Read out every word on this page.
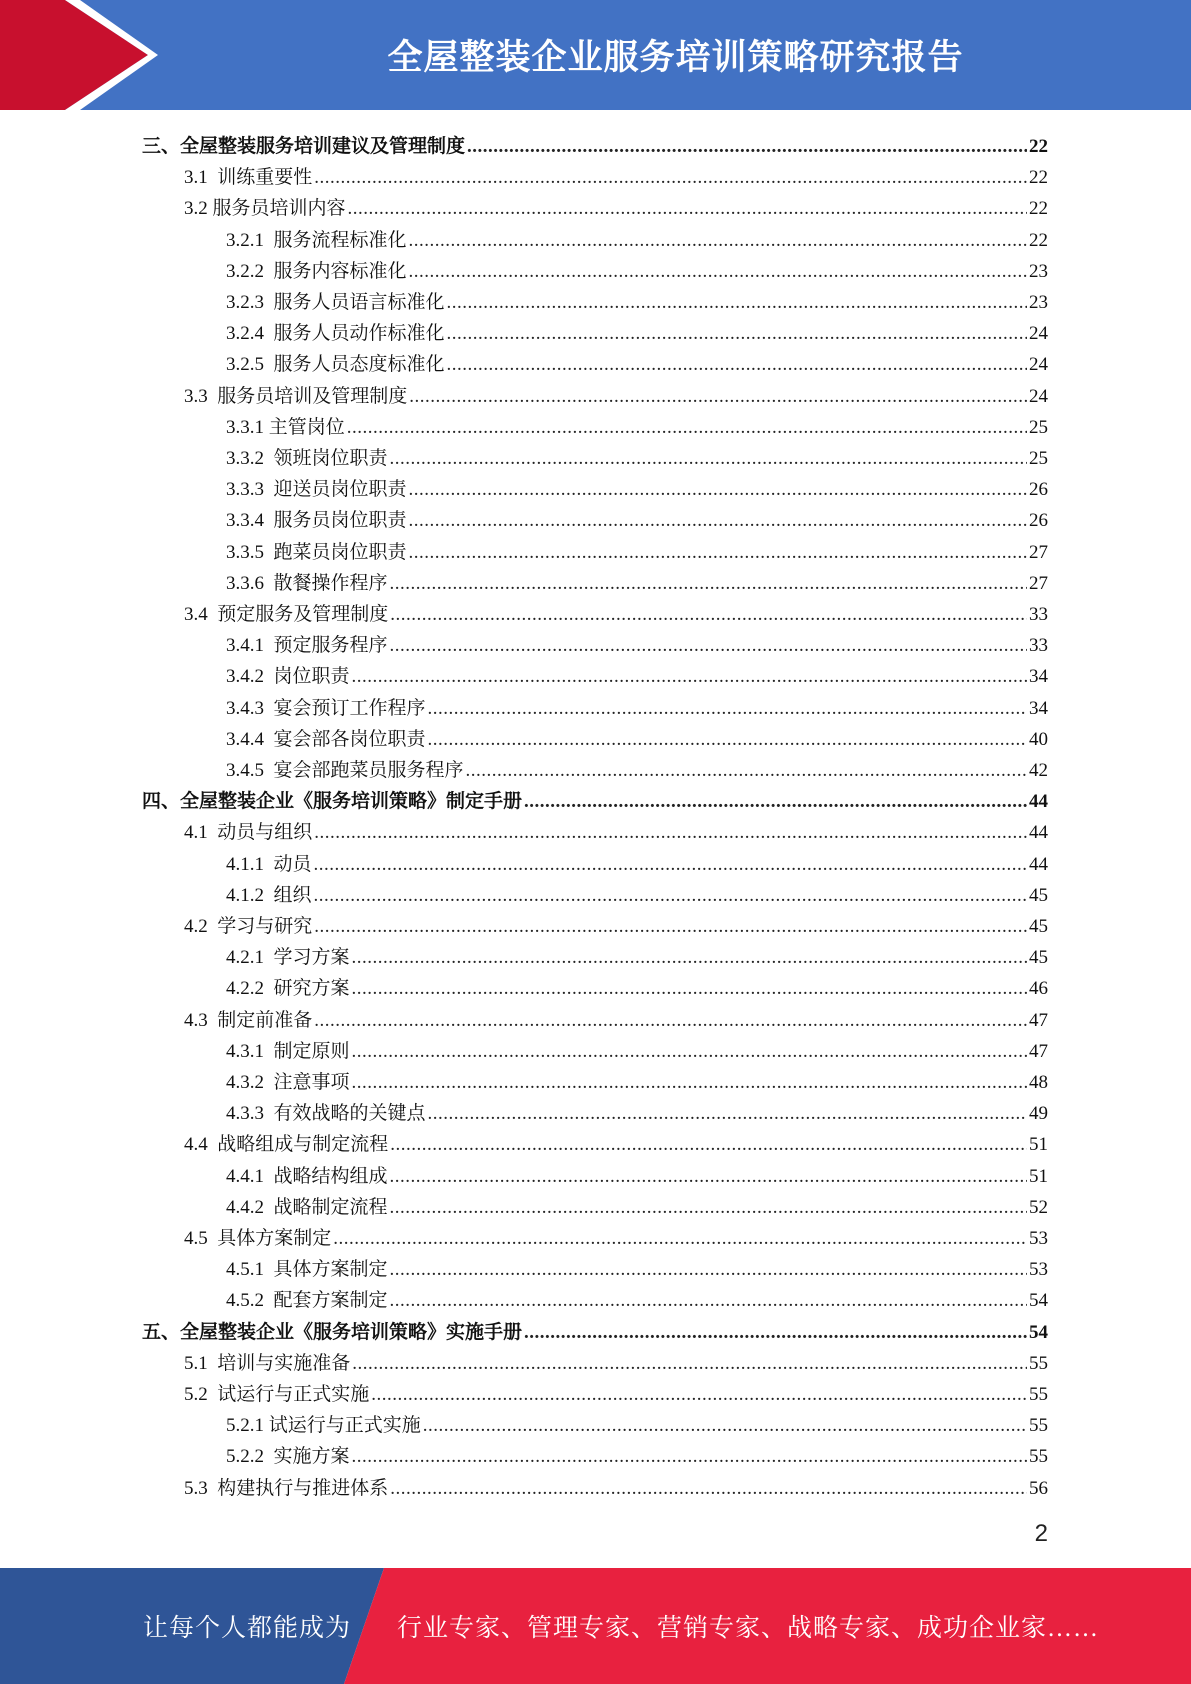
全屋整装企业服务培训策略研究报告
三、全屋整装服务培训建议及管理制度 .....	22
3.1  训练重要性 .....	22
3.2 服务员培训内容 .....	22
3.2.1  服务流程标准化 .....	22
3.2.2  服务内容标准化 .....	23
3.2.3  服务人员语言标准化 .....	23
3.2.4  服务人员动作标准化 .....	24
3.2.5  服务人员态度标准化 .....	24
3.3  服务员培训及管理制度 .....	24
3.3.1 主管岗位 .....	25
3.3.2  领班岗位职责 .....	25
3.3.3  迎送员岗位职责 .....	26
3.3.4  服务员岗位职责 .....	26
3.3.5  跑菜员岗位职责 .....	27
3.3.6  散餐操作程序 .....	27
3.4  预定服务及管理制度 .....	33
3.4.1  预定服务程序 .....	33
3.4.2  岗位职责 .....	34
3.4.3  宴会预订工作程序 .....	34
3.4.4  宴会部各岗位职责 .....	40
3.4.5  宴会部跑菜员服务程序 .....	42
四、全屋整装企业《服务培训策略》制定手册 .....	44
4.1  动员与组织 .....	44
4.1.1  动员 .....	44
4.1.2  组织 .....	45
4.2  学习与研究 .....	45
4.2.1  学习方案 .....	45
4.2.2  研究方案 .....	46
4.3  制定前准备 .....	47
4.3.1  制定原则 .....	47
4.3.2  注意事项 .....	48
4.3.3  有效战略的关键点 .....	49
4.4  战略组成与制定流程 .....	51
4.4.1  战略结构组成 .....	51
4.4.2  战略制定流程 .....	52
4.5  具体方案制定 .....	53
4.5.1  具体方案制定 .....	53
4.5.2  配套方案制定 .....	54
五、全屋整装企业《服务培训策略》实施手册 .....	54
5.1  培训与实施准备 .....	55
5.2  试运行与正式实施 .....	55
5.2.1 试运行与正式实施 .....	55
5.2.2  实施方案 .....	55
5.3  构建执行与推进体系 .....	56
2
让每个人都能成为 行业专家、管理专家、营销专家、战略专家、成功企业家……
